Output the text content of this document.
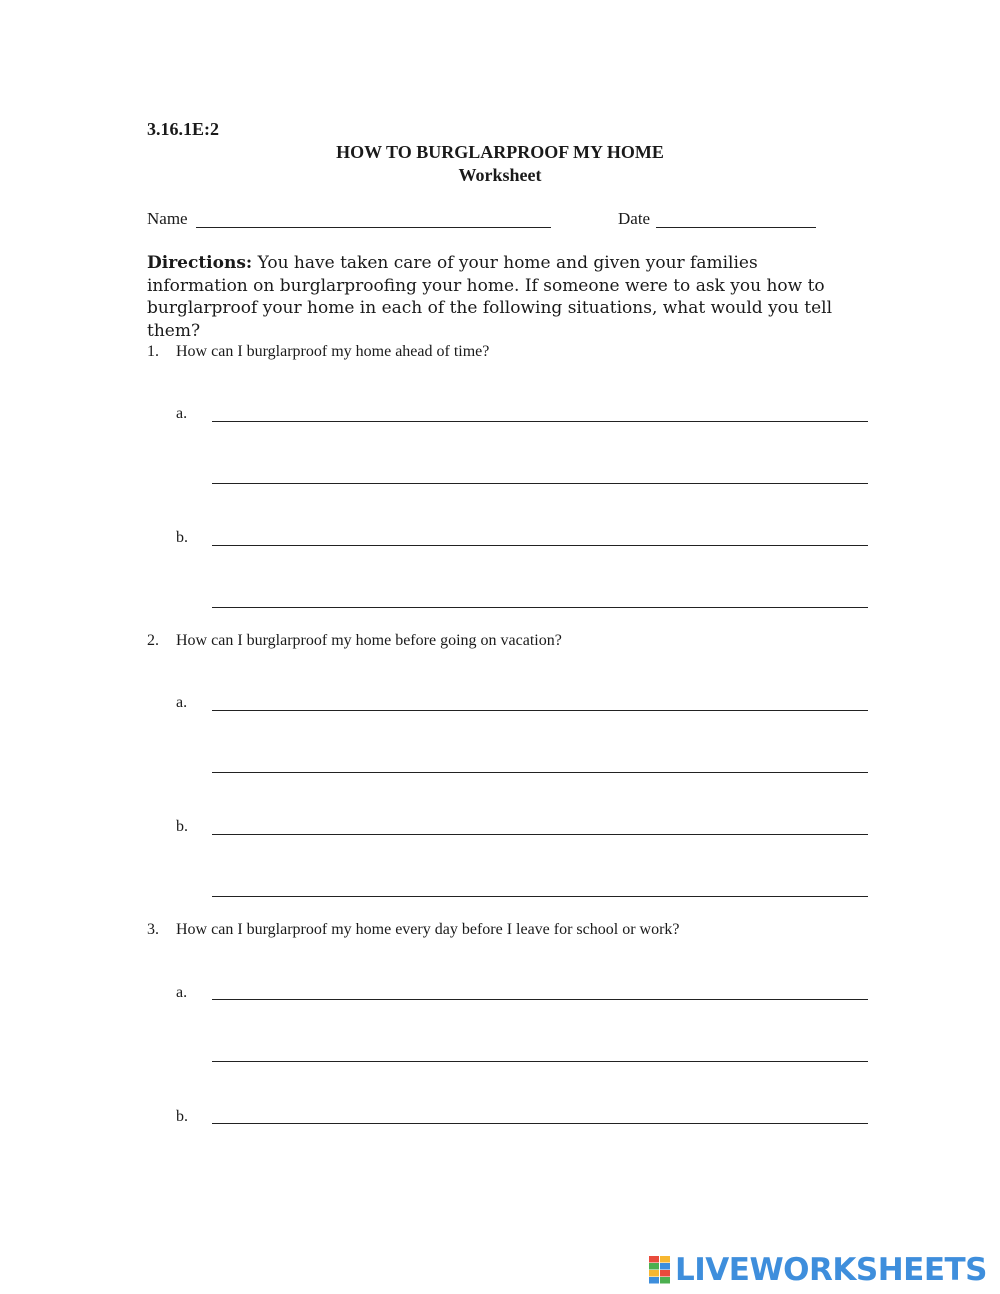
3.16.1E:2
HOW TO BURGLARPROOF MY HOME
Worksheet
Name	Date
Directions: You have taken care of your home and given your families information on burglarproofing your home. If someone were to ask you how to burglarproof your home in each of the following situations, what would you tell them?
1. How can I burglarproof my home ahead of time?
a.
b.
2. How can I burglarproof my home before going on vacation?
a.
b.
3. How can I burglarproof my home every day before I leave for school or work?
a.
b.
LIVEWORKSHEETS
